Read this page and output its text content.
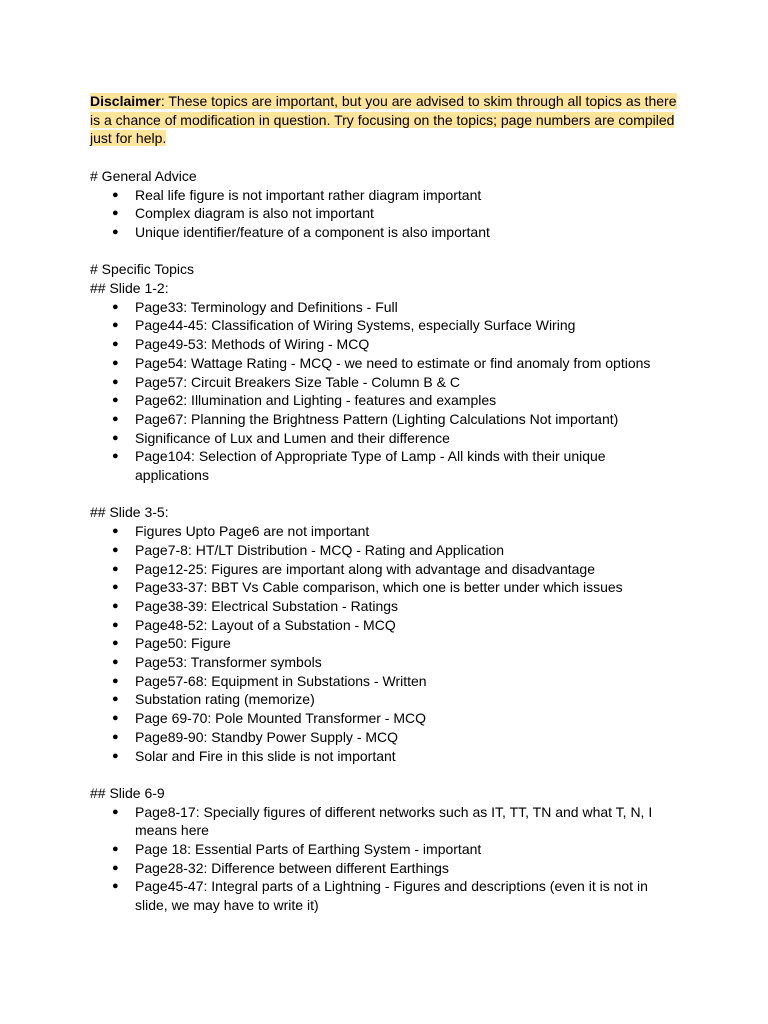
Disclaimer: These topics are important, but you are advised to skim through all topics as there is a chance of modification in question. Try focusing on the topics; page numbers are compiled just for help.

# General Advice

● Real life figure is not important rather diagram important
● Complex diagram is also not important
● Unique identifier/feature of a component is also important

# Specific Topics

## Slide 1-2:

● Page33: Terminology and Definitions - Full
● Page44-45: Classification of Wiring Systems, especially Surface Wiring
● Page49-53: Methods of Wiring - MCQ
● Page54: Wattage Rating - MCQ - we need to estimate or find anomaly from options
● Page57: Circuit Breakers Size Table - Column B & C
● Page62: Illumination and Lighting - features and examples
● Page67: Planning the Brightness Pattern (Lighting Calculations Not important)
● Significance of Lux and Lumen and their difference
● Page104: Selection of Appropriate Type of Lamp - All kinds with their unique applications

## Slide 3-5:

● Figures Upto Page6 are not important
● Page7-8: HT/LT Distribution - MCQ - Rating and Application
● Page12-25: Figures are important along with advantage and disadvantage
● Page33-37: BBT Vs Cable comparison, which one is better under which issues
● Page38-39: Electrical Substation - Ratings
● Page48-52: Layout of a Substation - MCQ
● Page50: Figure
● Page53: Transformer symbols
● Page57-68: Equipment in Substations - Written
● Substation rating (memorize)
● Page 69-70: Pole Mounted Transformer - MCQ
● Page89-90: Standby Power Supply - MCQ
● Solar and Fire in this slide is not important

## Slide 6-9

● Page8-17: Specially figures of different networks such as IT, TT, TN and what T, N, I means here
● Page 18: Essential Parts of Earthing System - important
● Page28-32: Difference between different Earthings
● Page45-47: Integral parts of a Lightning - Figures and descriptions (even it is not in slide, we may have to write it)
